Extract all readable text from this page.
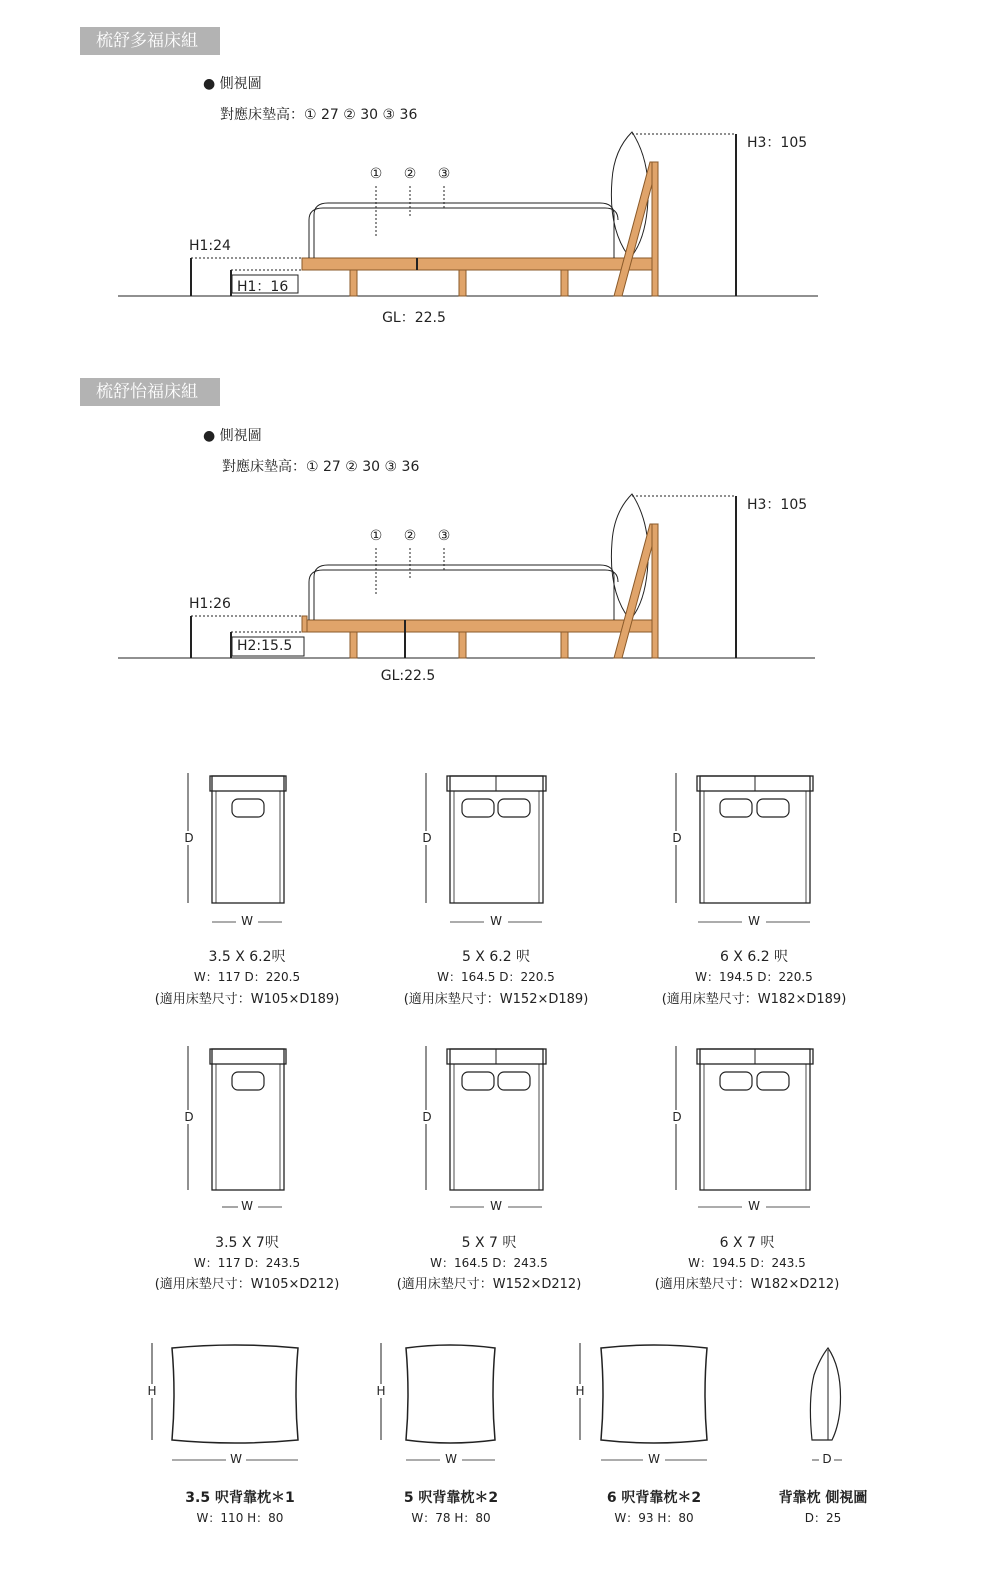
梳舒多福床組
● 側視圖
對應床墊高：① 27 ② 30 ③ 36
① ② ③
H1:24
H1：16
H3：105
GL：22.5
梳舒怡福床組
● 側視圖
對應床墊高：① 27 ② 30 ③ 36
① ② ③
H1:26
H2:15.5
H3：105
GL:22.5
D	D	D
W	W	W
3.5 X 6.2呎
W：117 D：220.5
(適用床墊尺寸：W105×D189)
5 X 6.2 呎
W：164.5 D：220.5
(適用床墊尺寸：W152×D189)
6 X 6.2 呎
W：194.5 D：220.5
(適用床墊尺寸：W182×D189)
D	D	D
W	W	W
3.5 X 7呎
W：117 D：243.5
(適用床墊尺寸：W105×D212)
5 X 7 呎
W：164.5 D：243.5
(適用床墊尺寸：W152×D212)
6 X 7 呎
W：194.5 D：243.5
(適用床墊尺寸：W182×D212)
H	H	H
W	W	W	D
3.5 呎背靠枕＊1
W：110 H：80
5 呎背靠枕＊2
W：78 H：80
6 呎背靠枕＊2
W：93 H：80
背靠枕 側視圖
D：25
